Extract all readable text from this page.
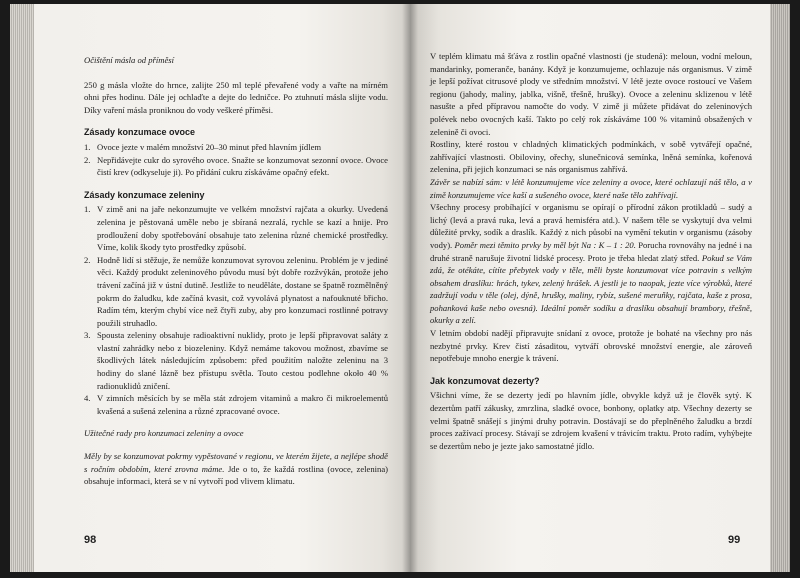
Očištění másla od příměsí

250 g másla vložte do hrnce, zalijte 250 ml teplé převařené vody a vařte na mírném ohni přes hodinu. Dále jej ochlaďte a dejte do ledničce. Po ztuhnutí másla slijte vodu. Díky vaření másla proniknou do vody veškeré příměsi.

Zásady konzumace ovoce

1. Ovoce jezte v malém množství 20–30 minut před hlavním jídlem
2. Nepřidávejte cukr do syrového ovoce. Snažte se konzumovat sezonní ovoce. Ovoce čistí krev (odkyseluje ji). Po přidání cukru získáváme opačný efekt.

Zásady konzumace zeleniny

1. V zimě ani na jaře nekonzumujte ve velkém množství rajčata a okurky. Uvedená zelenina je pěstovaná uměle nebo je sbíraná nezralá, rychle se kazí a hnije. Pro prodloužení doby spotřebování obsahuje tato zelenina různé chemické prostředky. Víme, kolik škody tyto prostředky způsobí.
2. Hodně lidí si stěžuje, že nemůže konzumovat syrovou zeleninu. Problém je v jediné věci. Každý produkt zeleninového původu musí být dobře rozžvýkán, protože jeho trávení začíná již v ústní dutině. Jestliže to neuděláte, dostane se špatně rozmělněný pokrm do žaludku, kde začíná kvasit, což vyvolává plynatost a nafouknuté břicho. Radím tém, kterým chybí více než čtyři zuby, aby pro konzumaci rostlinné potravy použili struhadlo.
3. Spousta zeleniny obsahuje radioaktivní nuklidy, proto je lepší připravovat saláty z vlastní zahrádky nebo z biozeleniny. Když nemáme takovou možnost, zbavíme se škodlivých látek následujícím způsobem: před použitím naložte zeleninu na 3 hodiny do slané lázně bez přístupu světla. Touto cestou podlehne około 40 % radionuklidů zničení.
4. V zimních měsících by se měla stát zdrojem vitaminů a makro či mikroelementů kvašená a sušená zelenina a různé zpracované ovoce.

Užitečné rady pro konzumaci zeleniny a ovoce

Měly by se konzumovat pokrmy vypěstované v regionu, ve kterém žijete, a nejlépe shodě s ročním obdobím, které zrovna máme. Jde o to, že každá rostlina (ovoce, zelenina) obsahuje informaci, která se v ní vytvoří pod vlivem klimatu.

98

V teplém klimatu má šťáva z rostlin opačné vlastnosti (je studená): meloun, vodní meloun, mandarinky, pomeranče, banány. Když je konzumujeme, ochlazuje nás organismus. V zimě je lepší požívat citrusové plody ve středním množství. V létě jezte ovoce rostoucí ve Vašem regionu (jahody, maliny, jablka, višně, třešně, hrušky). Ovoce a zeleninu sklizenou v létě nasušte a před přípravou namočte do vody. V zimě ji můžete přidávat do zeleninových polévek nebo ovocných kaší. Takto po celý rok získáváme 100 % vitaminů obsažených v zelenině či ovoci.

Rostliny, které rostou v chladných klimatických podmínkách, v sobě vytvářejí opačné, zahřívající vlastnosti. Obiloviny, ořechy, slunečnicová semínka, lněná semínka, kořenová zelenina, při jejich konzumaci se nás organismus zahřívá.

Závěr se nabízí sám: v létě konzumujeme více zeleniny a ovoce, které ochlazují náš tělo, a v zimě konzumujeme více kaší a sušeného ovoce, které naše tělo zahřívají.

Všechny procesy probíhající v organismu se opírají o přírodní zákon protikladů – sudý a lichý (levá a pravá ruka, levá a pravá hemisféra atd.). V našem těle se vyskytují dva velmi důležité prvky, sodík a draslík. Každý z nich působí na vymění tekutin v organismu (zásoby vody). Poměr mezi těmito prvky by měl být Na : K – 1 : 20. Porucha rovnováhy na jedné i na druhé straně narušuje životní lidské procesy. Proto je třeba hledat zlatý střed. Pokud se Vám zdá, že otékáte, cítíte přebytek vody v těle, měli byste konzumovat více potravin s velkým obsahem draslíku: hrách, tykev, zelený hrášek. A jestli je to naopak, jezte více výrobků, které zadržují vodu v těle (olej, dýně, hrušky, maliny, rybíz, sušené meruňky, rajčata, kaše z prosa, pohanková kaše nebo ovesná). Ideální poměr sodíku a draslíku obsahují brambory, třešně, okurky a zelí.

V letním období nadějí připravujte snídaní z ovoce, protože je bohaté na všechny pro nás nezbytné prvky. Krev čistí zásaditou, vytváří obrovské množství energie, ale zároveň nepotřebuje mnoho energie k trávení.

Jak konzumovat dezerty?

Všichni víme, že se dezerty jedí po hlavním jídle, obvykle když už je člověk sytý. K dezertům patří zákusky, zmrzlina, sladké ovoce, bonbony, oplatky atp. Všechny dezerty se velmi špatně snášejí s jinými druhy potravin. Dostávají se do přeplněného žaludku a brzdí proces zažívací procesy. Stávají se zdrojem kvašení v trávicím traktu. Proto radím, vyhýbejte se dezertům nebo je jezte jako samostatné jídlo.

99
